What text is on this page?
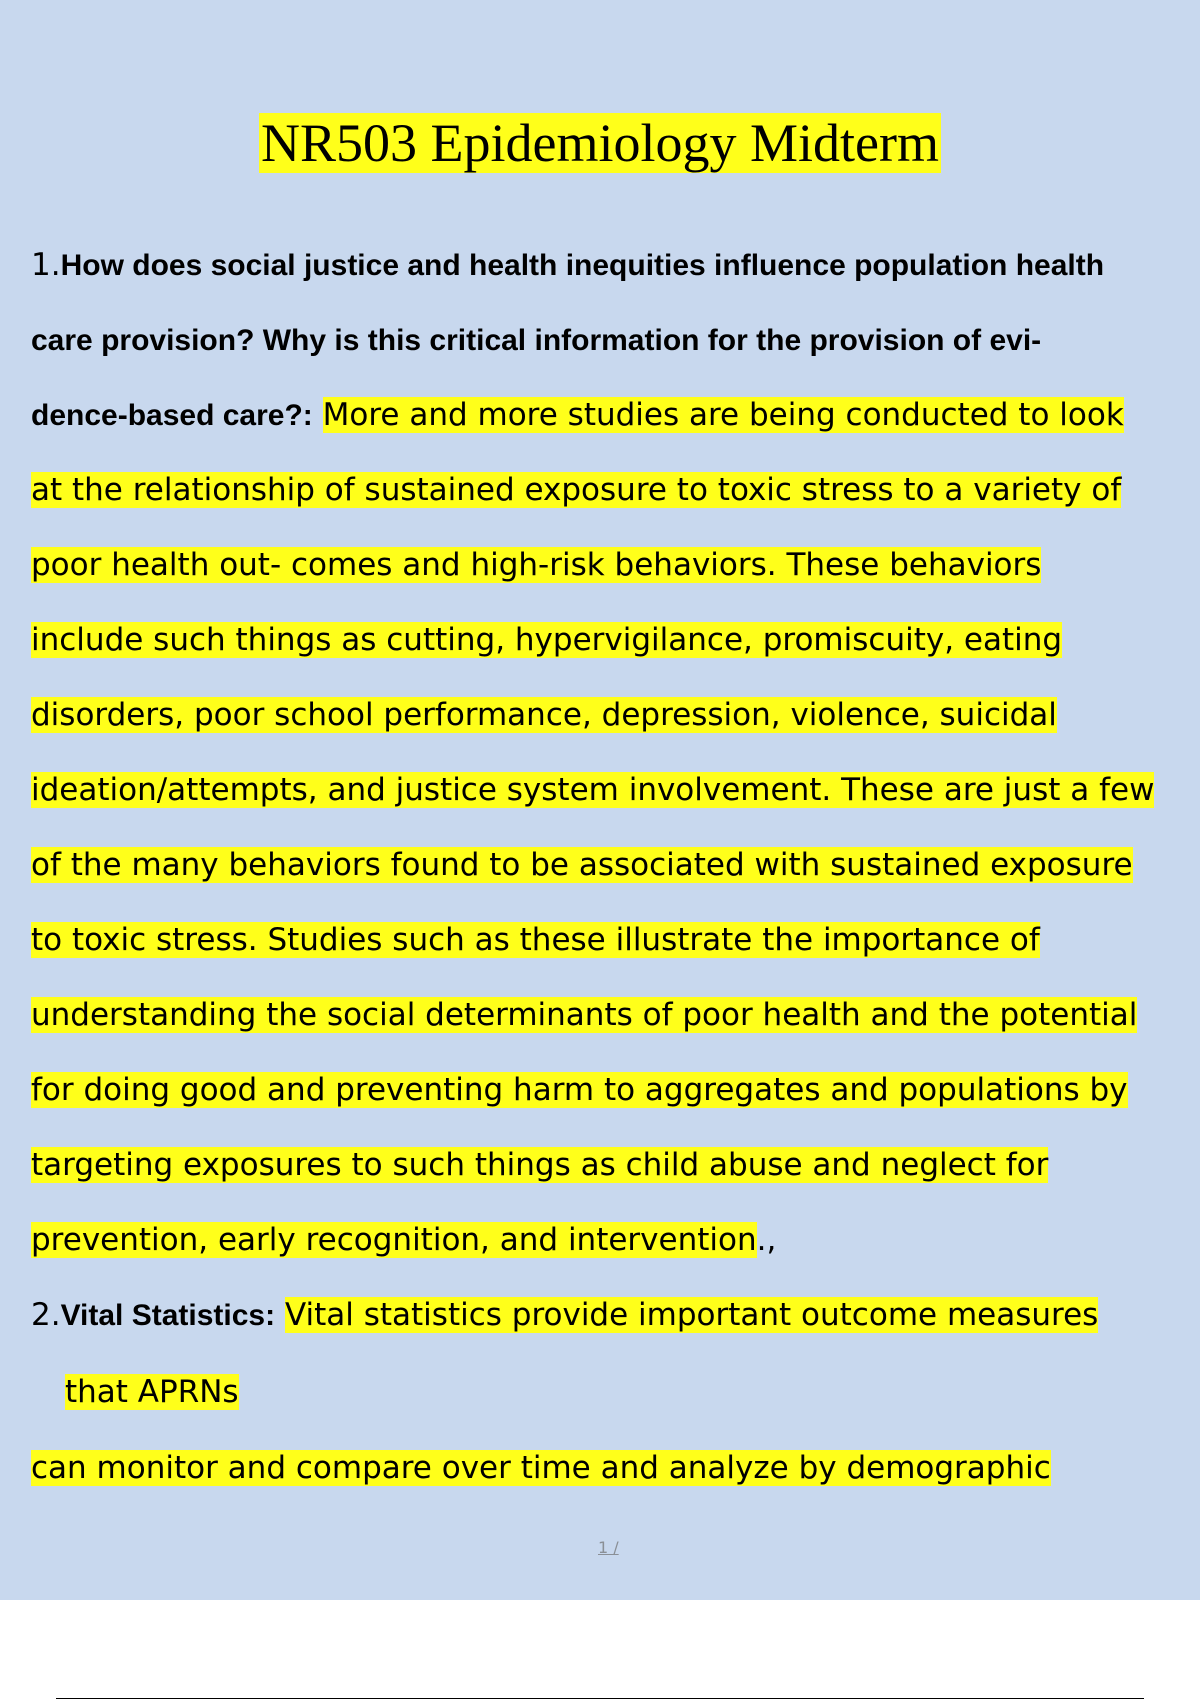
NR503 Epidemiology Midterm
1.How does social justice and health inequities influence population health
care provision? Why is this critical information for the provision of evi-
dence-based care?: More and more studies are being conducted to look
at the relationship of sustained exposure to toxic stress to a variety of
poor health out- comes and high-risk behaviors. These behaviors
include such things as cutting, hypervigilance, promiscuity, eating
disorders, poor school performance, depression, violence, suicidal
ideation/attempts, and justice system involvement. These are just a few
of the many behaviors found to be associated with sustained exposure
to toxic stress. Studies such as these illustrate the importance of
understanding the social determinants of poor health and the potential
for doing good and preventing harm to aggregates and populations by
targeting exposures to such things as child abuse and neglect for
prevention, early recognition, and intervention.,
2.Vital Statistics: Vital statistics provide important outcome measures
that APRNs
can monitor and compare over time and analyze by demographic
1 /
